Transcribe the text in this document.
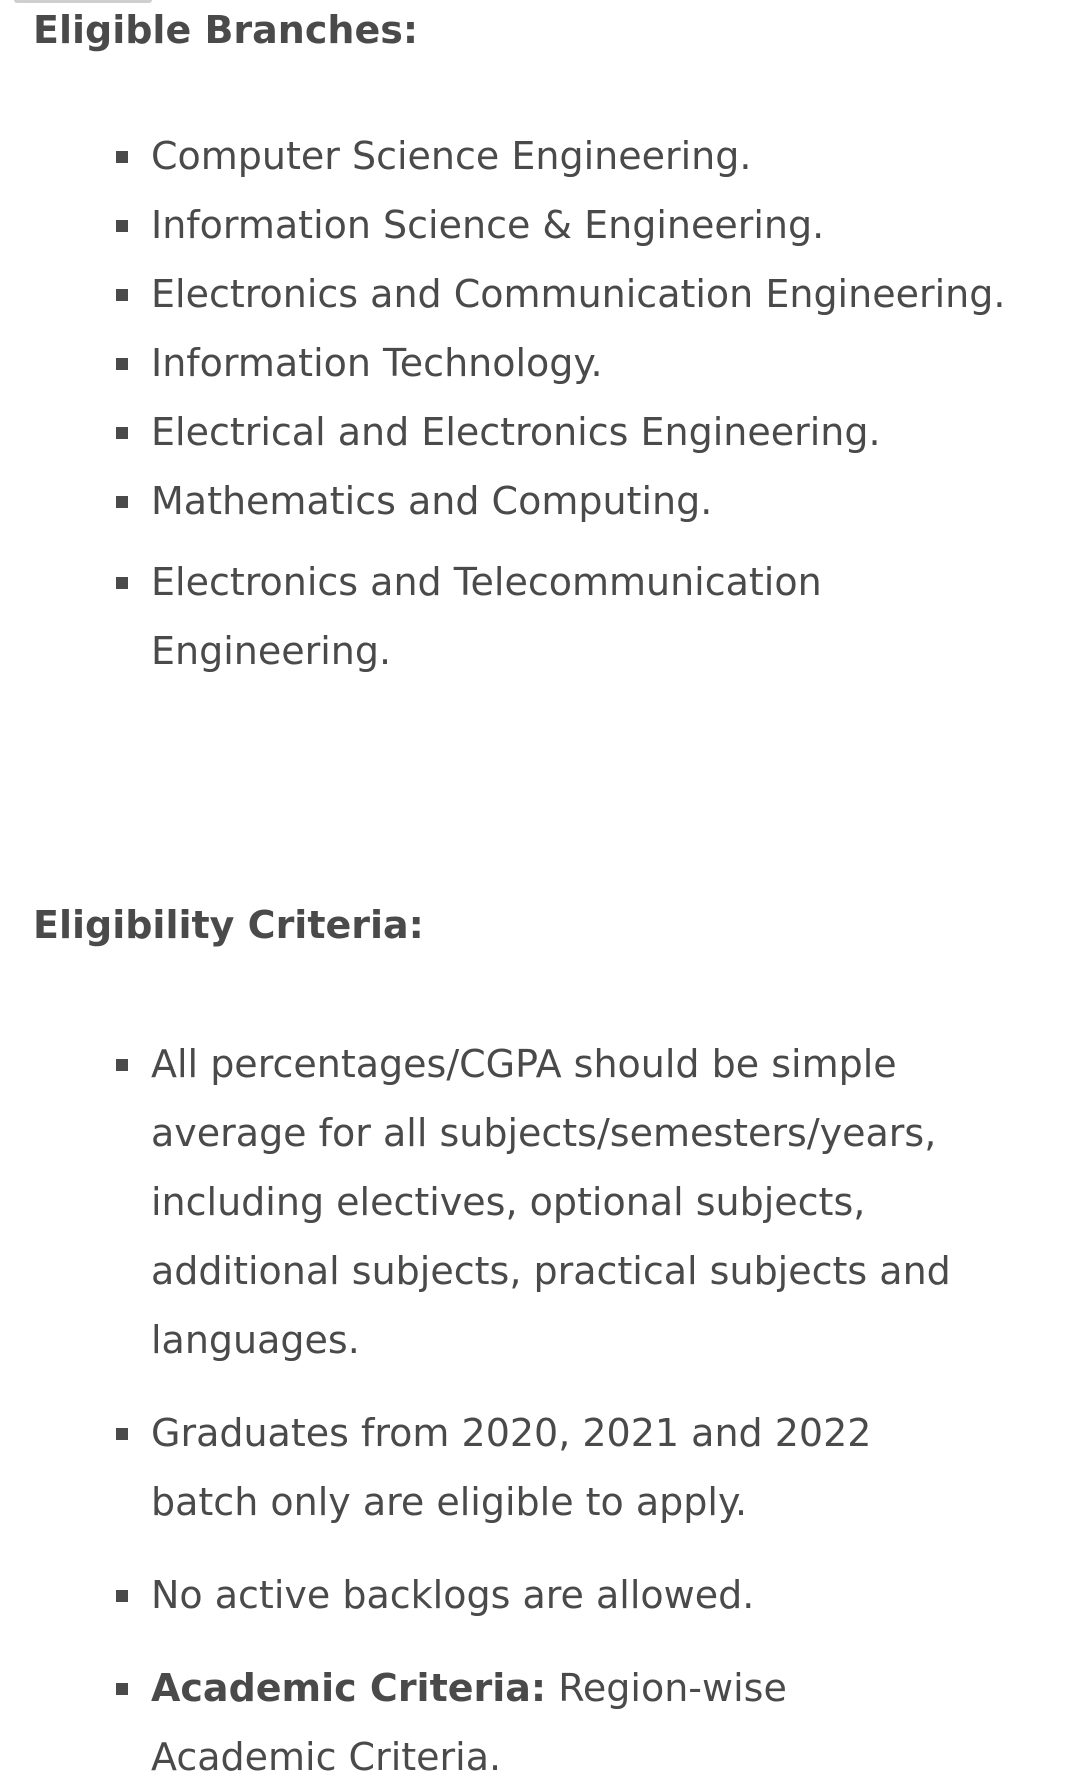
Eligible Branches:
Computer Science Engineering.
Information Science & Engineering.
Electronics and Communication Engineering.
Information Technology.
Electrical and Electronics Engineering.
Mathematics and Computing.
Electronics and Telecommunication Engineering.
Eligibility Criteria:
All percentages/CGPA should be simple average for all subjects/semesters/years, including electives, optional subjects, additional subjects, practical subjects and languages.
Graduates from 2020, 2021 and 2022 batch only are eligible to apply.
No active backlogs are allowed.
Academic Criteria: Region-wise Academic Criteria.
